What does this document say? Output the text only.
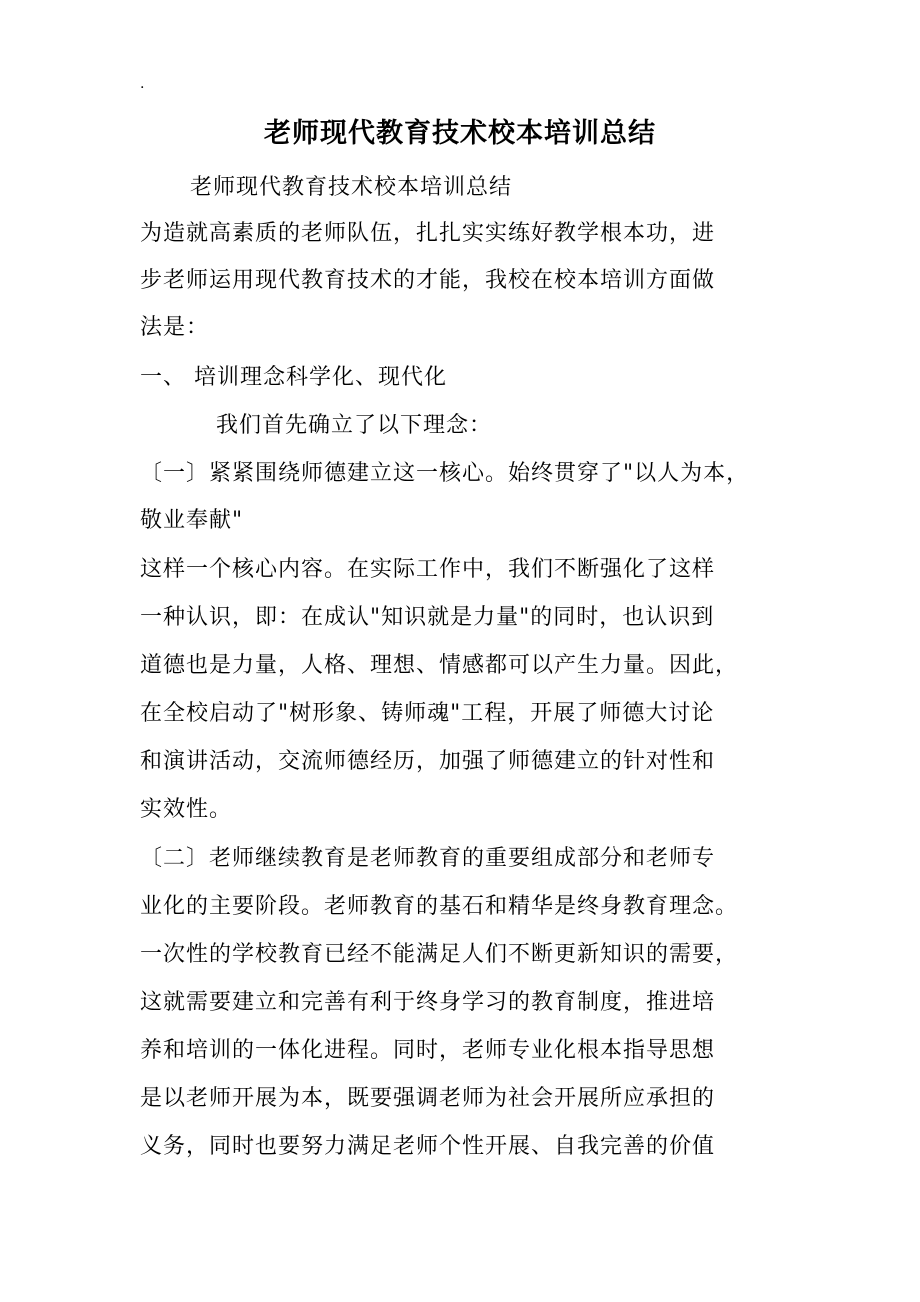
.
老师现代教育技术校本培训总结
老师现代教育技术校本培训总结
为造就高素质的老师队伍，扎扎实实练好教学根本功，进
步老师运用现代教育技术的才能，我校在校本培训方面做
法是：
一、 培训理念科学化、现代化
我们首先确立了以下理念：
〔一〕紧紧围绕师德建立这一核心。始终贯穿了"以人为本，
敬业奉献"
这样一个核心内容。在实际工作中，我们不断强化了这样
一种认识，即：在成认"知识就是力量"的同时，也认识到
道德也是力量，人格、理想、情感都可以产生力量。因此，
在全校启动了"树形象、铸师魂"工程，开展了师德大讨论
和演讲活动，交流师德经历，加强了师德建立的针对性和
实效性。
〔二〕老师继续教育是老师教育的重要组成部分和老师专
业化的主要阶段。老师教育的基石和精华是终身教育理念。
一次性的学校教育已经不能满足人们不断更新知识的需要，
这就需要建立和完善有利于终身学习的教育制度，推进培
养和培训的一体化进程。同时，老师专业化根本指导思想
是以老师开展为本，既要强调老师为社会开展所应承担的
义务，同时也要努力满足老师个性开展、自我完善的价值
